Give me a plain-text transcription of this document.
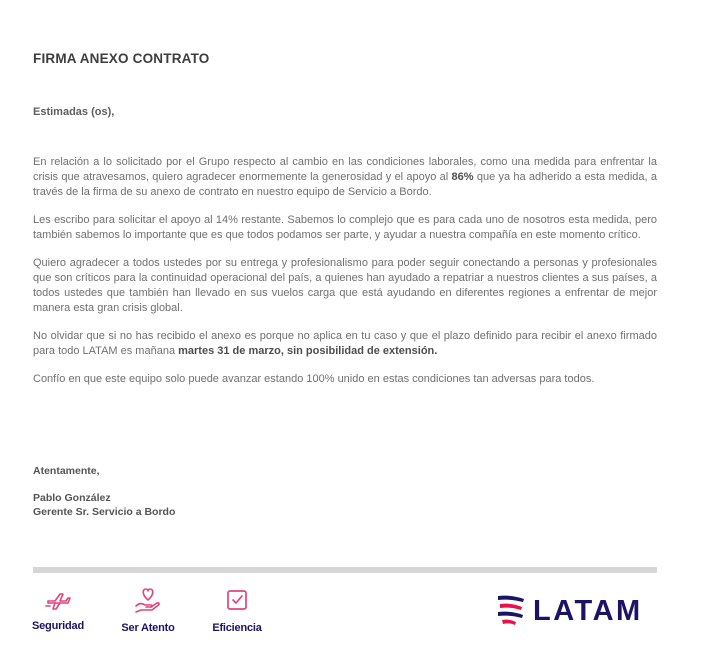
FIRMA ANEXO CONTRATO
Estimadas (os),

En relación a lo solicitado por el Grupo respecto al cambio en las condiciones laborales, como una medida para enfrentar la crisis que atravesamos, quiero agradecer enormemente la generosidad y el apoyo al 86% que ya ha adherido a esta medida, a través de la firma de su anexo de contrato en nuestro equipo de Servicio a Bordo.

Les escribo para solicitar el apoyo al 14% restante. Sabemos lo complejo que es para cada uno de nosotros esta medida, pero también sabemos lo importante que es que todos podamos ser parte, y ayudar a nuestra compañía en este momento crítico.

Quiero agradecer a todos ustedes por su entrega y profesionalismo para poder seguir conectando a personas y profesionales que son críticos para la continuidad operacional del país, a quienes han ayudado a repatriar a nuestros clientes a sus países, a todos ustedes que también han llevado en sus vuelos carga que está ayudando en diferentes regiones a enfrentar de mejor manera esta gran crisis global.

No olvidar que si no has recibido el anexo es porque no aplica en tu caso y que el plazo definido para recibir el anexo firmado para todo LATAM es mañana martes 31 de marzo, sin posibilidad de extensión.

Confío en que este equipo solo puede avanzar estando 100% unido en estas condiciones tan adversas para todos.

Atentamente,
Pablo González
Gerente Sr. Servicio a Bordo
Seguridad	Ser Atento	Eficiencia
LATAM
